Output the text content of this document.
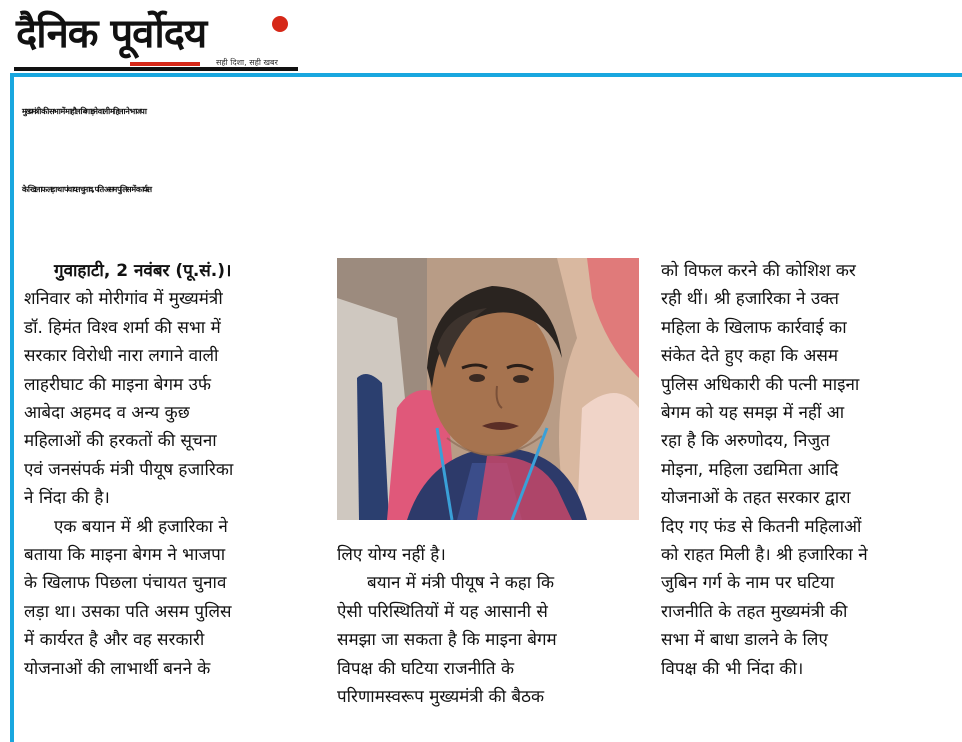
दैनिक पूर्वोदय
सही दिशा, सही खबर
मुख्यमंत्री की सभा में माहौल बिगाड़ने वाली महिला ने भाजपा
के खिलाफ लड़ा था पंचायत चुनाव, पति असम पुलिस में कार्यरत

गुवाहाटी, 2 नवंबर (पू.सं.)।

शनिवार को मोरीगांव में मुख्यमंत्री

डॉ. हिमंत विश्व शर्मा की सभा में

सरकार विरोधी नारा लगाने वाली

लाहरीघाट की माइना बेगम उर्फ

आबेदा अहमद व अन्य कुछ

महिलाओं की हरकतों की सूचना

एवं जनसंपर्क मंत्री पीयूष हजारिका

ने निंदा की है।

एक बयान में श्री हजारिका ने

बताया कि माइना बेगम ने भाजपा

के खिलाफ पिछला पंचायत चुनाव

लड़ा था। उसका पति असम पुलिस

में कार्यरत है और वह सरकारी

योजनाओं की लाभार्थी बनने के

लिए योग्य नहीं है।

बयान में मंत्री पीयूष ने कहा कि

ऐसी परिस्थितियों में यह आसानी से

समझा जा सकता है कि माइना बेगम

विपक्ष की घटिया राजनीति के

परिणामस्वरूप मुख्यमंत्री की बैठक

को विफल करने की कोशिश कर

रही थीं। श्री हजारिका ने उक्त

महिला के खिलाफ कार्रवाई का

संकेत देते हुए कहा कि असम

पुलिस अधिकारी की पत्नी माइना

बेगम को यह समझ में नहीं आ

रहा है कि अरुणोदय, निजुत

मोइना, महिला उद्यमिता आदि

योजनाओं के तहत सरकार द्वारा

दिए गए फंड से कितनी महिलाओं

को राहत मिली है। श्री हजारिका ने

जुबिन गर्ग के नाम पर घटिया

राजनीति के तहत मुख्यमंत्री की

सभा में बाधा डालने के लिए

विपक्ष की भी निंदा की।
